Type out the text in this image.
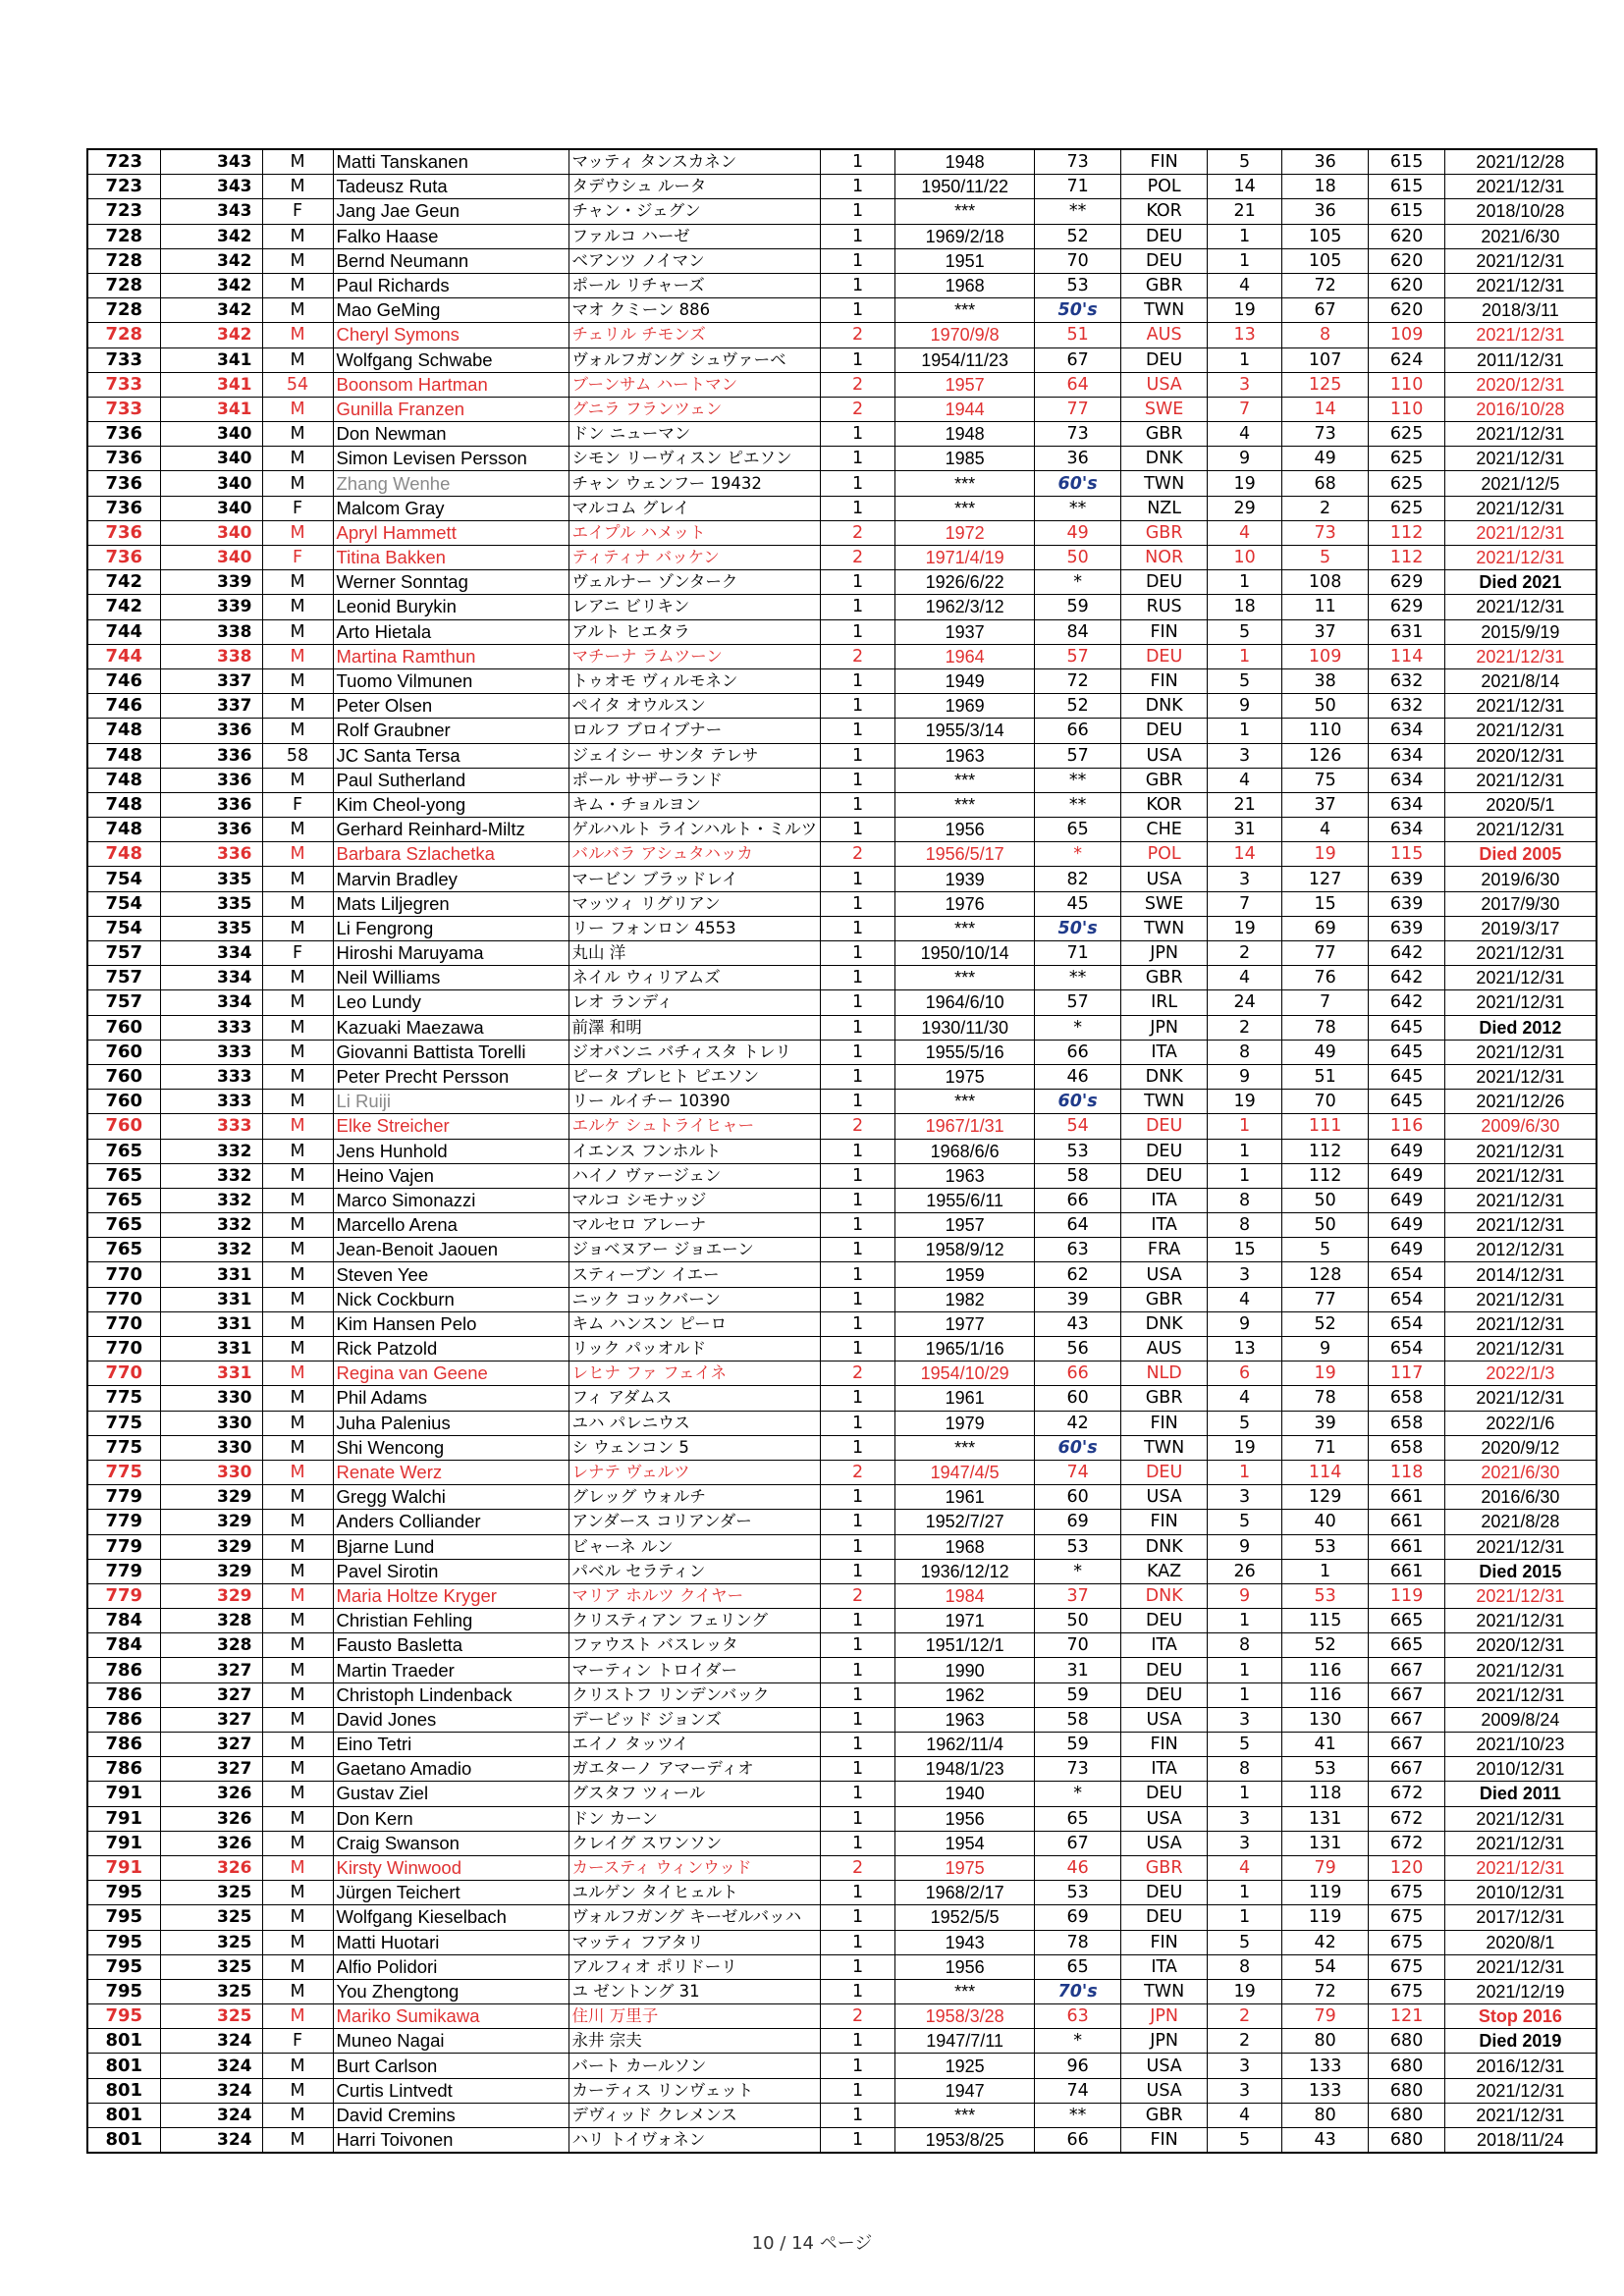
723	343	M	Matti Tanskanen	マッティ タンスカネン	1	1948	73	FIN	5	36	615	2021/12/28
723	343	M	Tadeusz Ruta	タデウシュ ルータ	1	1950/11/22	71	POL	14	18	615	2021/12/31
723	343	F	Jang Jae Geun	チャン・ジェグン	1	***	**	KOR	21	36	615	2018/10/28
728	342	M	Falko Haase	ファルコ ハーゼ	1	1969/2/18	52	DEU	1	105	620	2021/6/30
728	342	M	Bernd Neumann	ベアンツ ノイマン	1	1951	70	DEU	1	105	620	2021/12/31
728	342	M	Paul Richards	ポール リチャーズ	1	1968	53	GBR	4	72	620	2021/12/31
728	342	M	Mao GeMing	マオ クミーン 886	1	***	50's	TWN	19	67	620	2018/3/11
728	342	M	Cheryl Symons	チェリル チモンズ	2	1970/9/8	51	AUS	13	8	109	2021/12/31
733	341	M	Wolfgang Schwabe	ヴォルフガング シュヴァーベ	1	1954/11/23	67	DEU	1	107	624	2011/12/31
733	341	54	Boonsom Hartman	ブーンサム ハートマン	2	1957	64	USA	3	125	110	2020/12/31
733	341	M	Gunilla Franzen	グニラ フランツェン	2	1944	77	SWE	7	14	110	2016/10/28
736	340	M	Don Newman	ドン ニューマン	1	1948	73	GBR	4	73	625	2021/12/31
736	340	M	Simon Levisen Persson	シモン リーヴィスン ピエソン	1	1985	36	DNK	9	49	625	2021/12/31
736	340	M	Zhang Wenhe	チャン ウェンフー 19432	1	***	60's	TWN	19	68	625	2021/12/5
736	340	F	Malcom Gray	マルコム グレイ	1	***	**	NZL	29	2	625	2021/12/31
736	340	M	Apryl Hammett	エイプル ハメット	2	1972	49	GBR	4	73	112	2021/12/31
736	340	F	Titina Bakken	ティティナ バッケン	2	1971/4/19	50	NOR	10	5	112	2021/12/31
742	339	M	Werner Sonntag	ヴェルナー ゾンターク	1	1926/6/22	*	DEU	1	108	629	Died 2021
742	339	M	Leonid Burykin	レアニ ビリキン	1	1962/3/12	59	RUS	18	11	629	2021/12/31
744	338	M	Arto Hietala	アルト ヒエタラ	1	1937	84	FIN	5	37	631	2015/9/19
744	338	M	Martina Ramthun	マチーナ ラムツーン	2	1964	57	DEU	1	109	114	2021/12/31
746	337	M	Tuomo Vilmunen	トゥオモ ヴィルモネン	1	1949	72	FIN	5	38	632	2021/8/14
746	337	M	Peter Olsen	ペイタ オウルスン	1	1969	52	DNK	9	50	632	2021/12/31
748	336	M	Rolf Graubner	ロルフ ブロイブナー	1	1955/3/14	66	DEU	1	110	634	2021/12/31
748	336	58	JC Santa Tersa	ジェイシー サンタ テレサ	1	1963	57	USA	3	126	634	2020/12/31
748	336	M	Paul Sutherland	ポール サザーランド	1	***	**	GBR	4	75	634	2021/12/31
748	336	F	Kim Cheol-yong	キム・チョルヨン	1	***	**	KOR	21	37	634	2020/5/1
748	336	M	Gerhard Reinhard-Miltz	ゲルハルト ラインハルト・ミルツ	1	1956	65	CHE	31	4	634	2021/12/31
748	336	M	Barbara Szlachetka	バルバラ アシュタハッカ	2	1956/5/17	*	POL	14	19	115	Died 2005
754	335	M	Marvin Bradley	マービン ブラッドレイ	1	1939	82	USA	3	127	639	2019/6/30
754	335	M	Mats Liljegren	マッツィ リグリアン	1	1976	45	SWE	7	15	639	2017/9/30
754	335	M	Li Fengrong	リー フォンロン 4553	1	***	50's	TWN	19	69	639	2019/3/17
757	334	F	Hiroshi Maruyama	丸山 洋	1	1950/10/14	71	JPN	2	77	642	2021/12/31
757	334	M	Neil Williams	ネイル ウィリアムズ	1	***	**	GBR	4	76	642	2021/12/31
757	334	M	Leo Lundy	レオ ランディ	1	1964/6/10	57	IRL	24	7	642	2021/12/31
760	333	M	Kazuaki Maezawa	前澤 和明	1	1930/11/30	*	JPN	2	78	645	Died 2012
760	333	M	Giovanni Battista Torelli	ジオバンニ バチィスタ トレリ	1	1955/5/16	66	ITA	8	49	645	2021/12/31
760	333	M	Peter Precht Persson	ピータ プレヒト ピエソン	1	1975	46	DNK	9	51	645	2021/12/31
760	333	M	Li Ruiji	リー ルイチー 10390	1	***	60's	TWN	19	70	645	2021/12/26
760	333	M	Elke Streicher	エルケ シュトライヒャー	2	1967/1/31	54	DEU	1	111	116	2009/6/30
765	332	M	Jens Hunhold	イエンス フンホルト	1	1968/6/6	53	DEU	1	112	649	2021/12/31
765	332	M	Heino Vajen	ハイノ ヴァージェン	1	1963	58	DEU	1	112	649	2021/12/31
765	332	M	Marco Simonazzi	マルコ シモナッジ	1	1955/6/11	66	ITA	8	50	649	2021/12/31
765	332	M	Marcello Arena	マルセロ アレーナ	1	1957	64	ITA	8	50	649	2021/12/31
765	332	M	Jean-Benoit Jaouen	ジョベヌアー ジョエーン	1	1958/9/12	63	FRA	15	5	649	2012/12/31
770	331	M	Steven Yee	スティーブン イエー	1	1959	62	USA	3	128	654	2014/12/31
770	331	M	Nick Cockburn	ニック コックバーン	1	1982	39	GBR	4	77	654	2021/12/31
770	331	M	Kim Hansen Pelo	キム ハンスン ピーロ	1	1977	43	DNK	9	52	654	2021/12/31
770	331	M	Rick Patzold	リック パッオルド	1	1965/1/16	56	AUS	13	9	654	2021/12/31
770	331	M	Regina van Geene	レヒナ ファ フェイネ	2	1954/10/29	66	NLD	6	19	117	2022/1/3
775	330	M	Phil Adams	フィ アダムス	1	1961	60	GBR	4	78	658	2021/12/31
775	330	M	Juha Palenius	ユハ パレニウス	1	1979	42	FIN	5	39	658	2022/1/6
775	330	M	Shi Wencong	シ ウェンコン 5	1	***	60's	TWN	19	71	658	2020/9/12
775	330	M	Renate Werz	レナテ ヴェルツ	2	1947/4/5	74	DEU	1	114	118	2021/6/30
779	329	M	Gregg Walchi	グレッグ ウォルチ	1	1961	60	USA	3	129	661	2016/6/30
779	329	M	Anders Colliander	アンダース コリアンダー	1	1952/7/27	69	FIN	5	40	661	2021/8/28
779	329	M	Bjarne Lund	ビャーネ ルン	1	1968	53	DNK	9	53	661	2021/12/31
779	329	M	Pavel Sirotin	パベル セラティン	1	1936/12/12	*	KAZ	26	1	661	Died 2015
779	329	M	Maria Holtze Kryger	マリア ホルツ クイヤー	2	1984	37	DNK	9	53	119	2021/12/31
784	328	M	Christian Fehling	クリスティアン フェリング	1	1971	50	DEU	1	115	665	2021/12/31
784	328	M	Fausto Basletta	ファウスト バスレッタ	1	1951/12/1	70	ITA	8	52	665	2020/12/31
786	327	M	Martin Traeder	マーティン トロイダー	1	1990	31	DEU	1	116	667	2021/12/31
786	327	M	Christoph Lindenback	クリストフ リンデンバック	1	1962	59	DEU	1	116	667	2021/12/31
786	327	M	David Jones	デービッド ジョンズ	1	1963	58	USA	3	130	667	2009/8/24
786	327	M	Eino Tetri	エイノ タッツイ	1	1962/11/4	59	FIN	5	41	667	2021/10/23
786	327	M	Gaetano Amadio	ガエターノ アマーディオ	1	1948/1/23	73	ITA	8	53	667	2010/12/31
791	326	M	Gustav Ziel	グスタフ ツィール	1	1940	*	DEU	1	118	672	Died 2011
791	326	M	Don Kern	ドン カーン	1	1956	65	USA	3	131	672	2021/12/31
791	326	M	Craig Swanson	クレイグ スワンソン	1	1954	67	USA	3	131	672	2021/12/31
791	326	M	Kirsty Winwood	カースティ ウィンウッド	2	1975	46	GBR	4	79	120	2021/12/31
795	325	M	Jürgen Teichert	ユルゲン タイヒェルト	1	1968/2/17	53	DEU	1	119	675	2010/12/31
795	325	M	Wolfgang Kieselbach	ヴォルフガング キーゼルバッハ	1	1952/5/5	69	DEU	1	119	675	2017/12/31
795	325	M	Matti Huotari	マッティ フアタリ	1	1943	78	FIN	5	42	675	2020/8/1
795	325	M	Alfio Polidori	アルフィオ ポリドーリ	1	1956	65	ITA	8	54	675	2021/12/31
795	325	M	You Zhengtong	ユ ゼントング 31	1	***	70's	TWN	19	72	675	2021/12/19
795	325	M	Mariko Sumikawa	住川 万里子	2	1958/3/28	63	JPN	2	79	121	Stop 2016
801	324	F	Muneo Nagai	永井 宗夫	1	1947/7/11	*	JPN	2	80	680	Died 2019
801	324	M	Burt Carlson	バート カールソン	1	1925	96	USA	3	133	680	2016/12/31
801	324	M	Curtis Lintvedt	カーティス リンヴェット	1	1947	74	USA	3	133	680	2021/12/31
801	324	M	David Cremins	デヴィッド クレメンス	1	***	**	GBR	4	80	680	2021/12/31
801	324	M	Harri Toivonen	ハリ トイヴォネン	1	1953/8/25	66	FIN	5	43	680	2018/11/24
10 / 14 ページ
